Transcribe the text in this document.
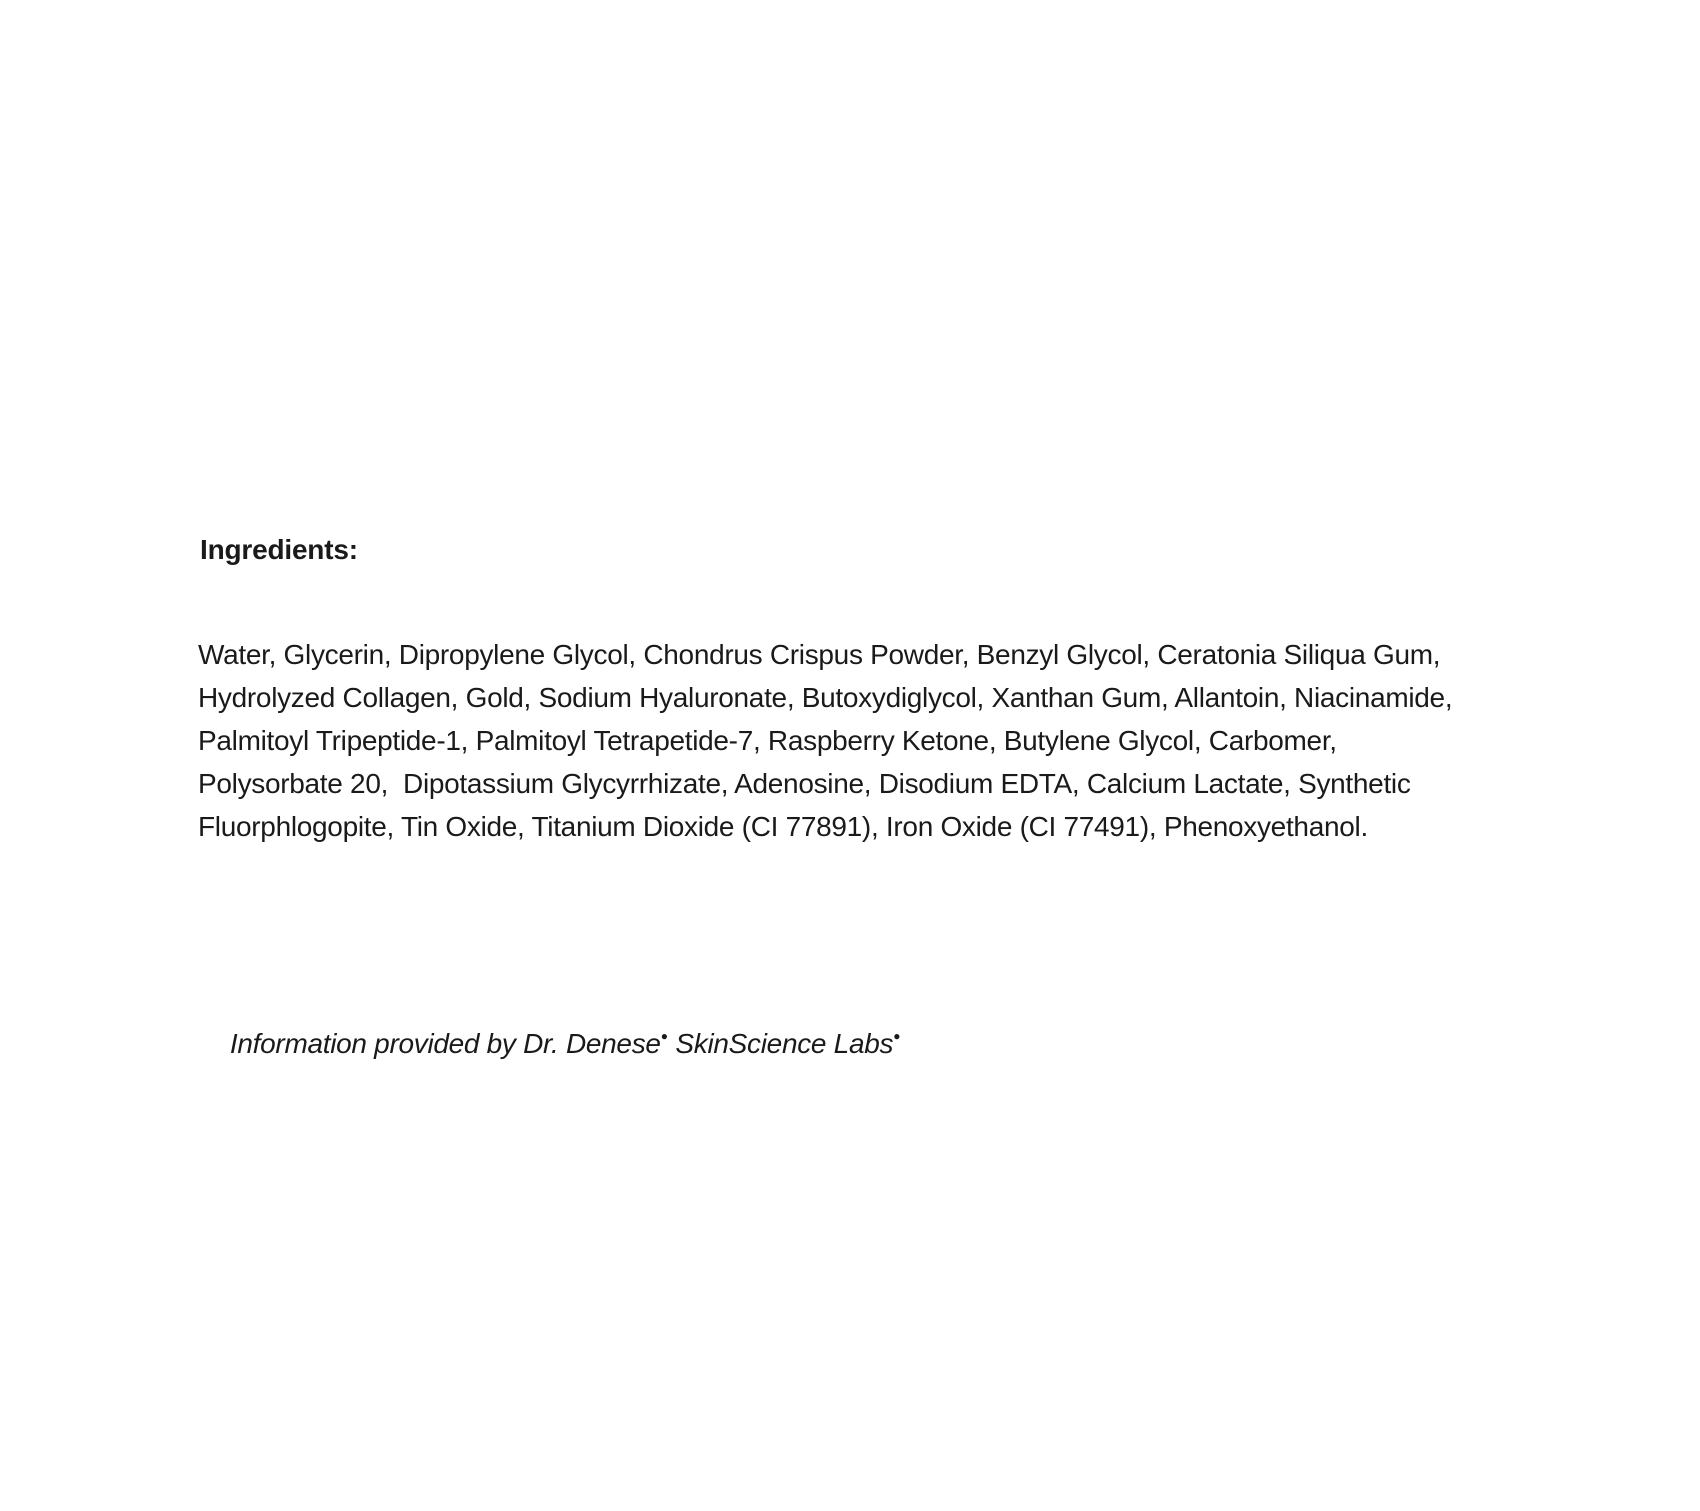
Ingredients:
Water, Glycerin, Dipropylene Glycol, Chondrus Crispus Powder, Benzyl Glycol, Ceratonia Siliqua Gum,
Hydrolyzed Collagen, Gold, Sodium Hyaluronate, Butoxydiglycol, Xanthan Gum, Allantoin, Niacinamide,
Palmitoyl Tripeptide-1, Palmitoyl Tetrapetide-7, Raspberry Ketone, Butylene Glycol, Carbomer,
Polysorbate 20,  Dipotassium Glycyrrhizate, Adenosine, Disodium EDTA, Calcium Lactate, Synthetic
Fluorphlogopite, Tin Oxide, Titanium Dioxide (CI 77891), Iron Oxide (CI 77491), Phenoxyethanol.

Information provided by Dr. Denese● SkinScience Labs●
